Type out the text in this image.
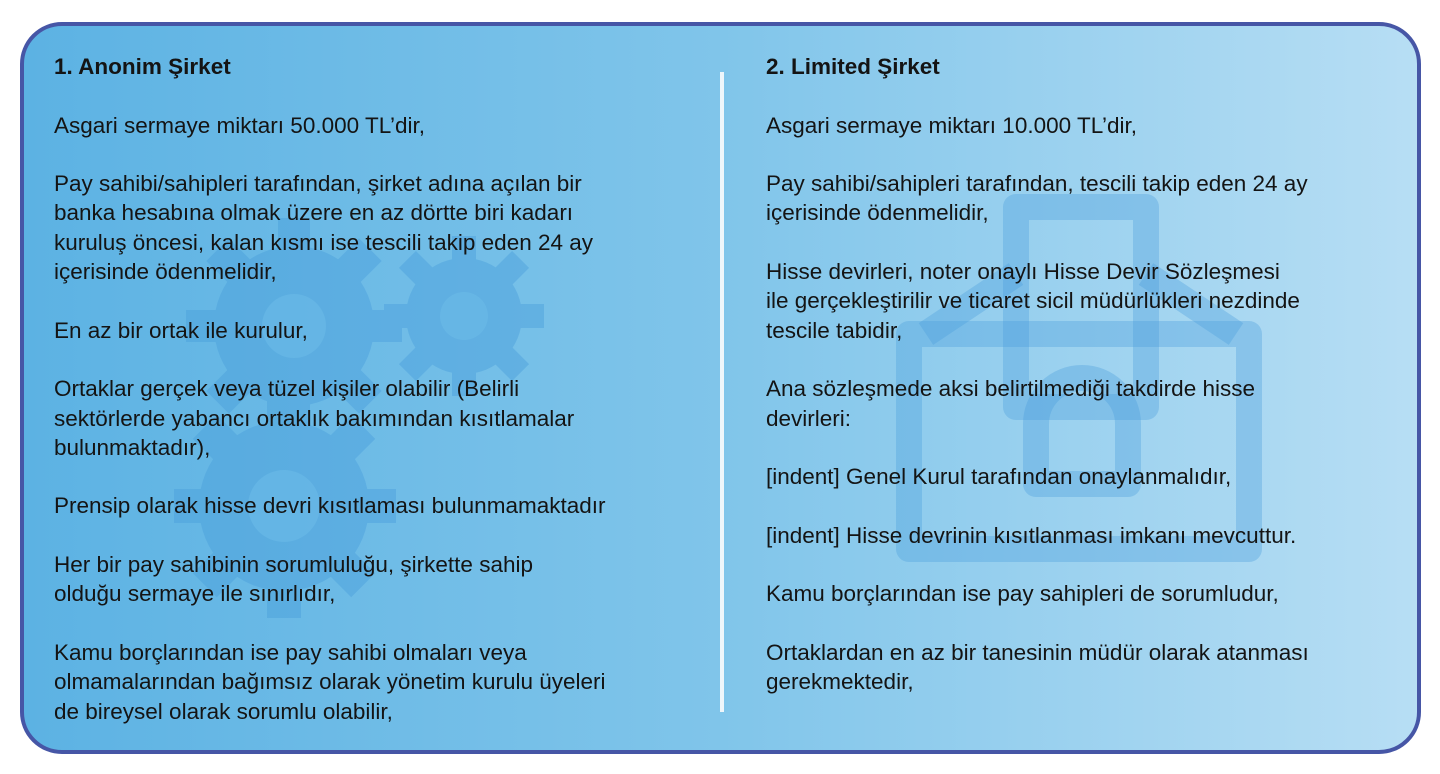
1. Anonim Şirket
Asgari sermaye miktarı 50.000 TL’dir,
Pay sahibi/sahipleri tarafından, şirket adına açılan bir
banka hesabına olmak üzere en az dörtte biri kadarı
kuruluş öncesi, kalan kısmı ise tescili takip eden 24 ay
içerisinde ödenmelidir,
En az bir ortak ile kurulur,
Ortaklar gerçek veya tüzel kişiler olabilir (Belirli
sektörlerde yabancı ortaklık bakımından kısıtlamalar
bulunmaktadır),
Prensip olarak hisse devri kısıtlaması bulunmamaktadır
Her bir pay sahibinin sorumluluğu, şirkette sahip
olduğu sermaye ile sınırlıdır,
Kamu borçlarından ise pay sahibi olmaları veya
olmamalarından bağımsız olarak yönetim kurulu üyeleri
de bireysel olarak sorumlu olabilir,
2. Limited Şirket
Asgari sermaye miktarı 10.000 TL’dir,
Pay sahibi/sahipleri tarafından, tescili takip eden 24 ay
içerisinde ödenmelidir,
Hisse devirleri, noter onaylı Hisse Devir Sözleşmesi
ile gerçekleştirilir ve ticaret sicil müdürlükleri nezdinde
tescile tabidir,
Ana sözleşmede aksi belirtilmediği takdirde hisse
devirleri:
[indent] Genel Kurul tarafından onaylanmalıdır,
[indent] Hisse devrinin kısıtlanması imkanı mevcuttur.
Kamu borçlarından ise pay sahipleri de sorumludur,
Ortaklardan en az bir tanesinin müdür olarak atanması
gerekmektedir,
